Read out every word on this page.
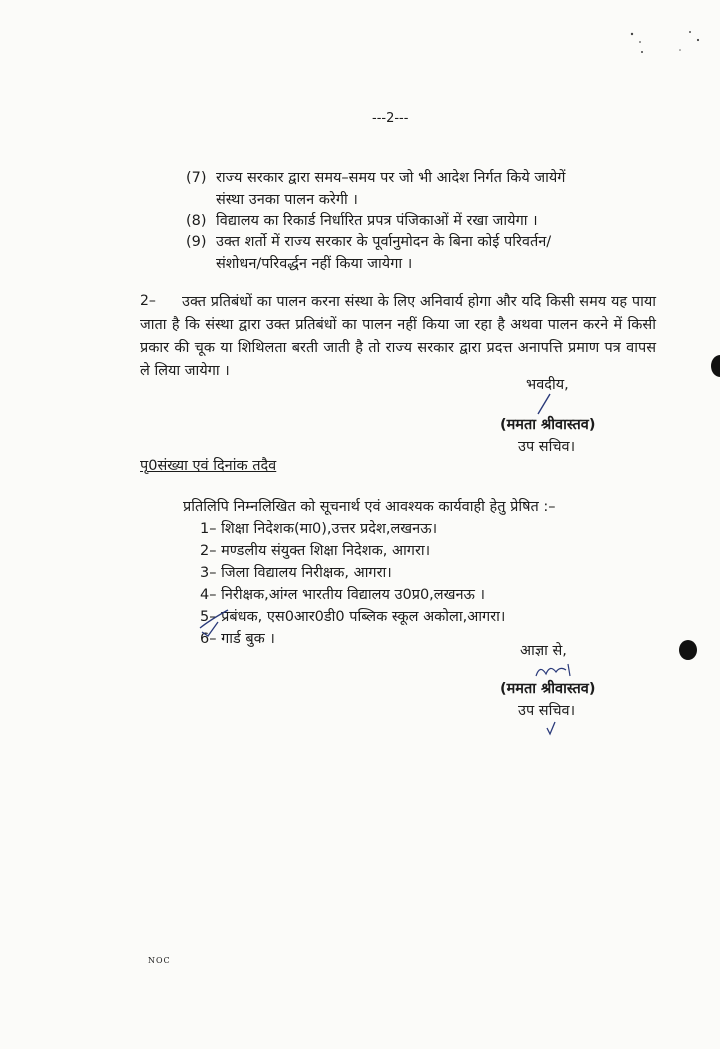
---2---
(7) राज्य सरकार द्वारा समय–समय पर जो भी आदेश निर्गत किये जायेगें
संस्था उनका पालन करेगी ।
(8) विद्यालय का रिकार्ड निर्धारित प्रपत्र पंजिकाओं में रखा जायेगा ।
(9) उक्त शर्तो में राज्य सरकार के पूर्वानुमोदन के बिना कोई परिवर्तन/
संशोधन/परिवर्द्धन नहीं किया जायेगा ।
2–	उक्त प्रतिबंधों का पालन करना संस्था के लिए अनिवार्य होगा और यदि किसी समय यह पाया जाता है कि संस्था द्वारा उक्त प्रतिबंधों का पालन नहीं किया जा रहा है अथवा पालन करने में किसी प्रकार की चूक या शिथिलता बरती जाती है तो राज्य सरकार द्वारा प्रदत्त अनापत्ति प्रमाण पत्र वापस ले लिया जायेगा ।
भवदीय,
(ममता श्रीवास्तव)
उप सचिव।
पृ0संख्या एवं दिनांक तदैव
प्रतिलिपि निम्नलिखित को सूचनार्थ एवं आवश्यक कार्यवाही हेतु प्रेषित :–
1– शिक्षा निदेशक(मा0),उत्तर प्रदेश,लखनऊ।
2– मण्डलीय संयुक्त शिक्षा निदेशक, आगरा।
3– जिला विद्यालय निरीक्षक, आगरा।
4– निरीक्षक,आंग्ल भारतीय विद्यालय उ0प्र0,लखनऊ ।
5– प्रबंधक, एस0आर0डी0 पब्लिक स्कूल अकोला,आगरा।
6– गार्ड बुक ।
आज्ञा से,
(ममता श्रीवास्तव)
उप सचिव।
NOC
